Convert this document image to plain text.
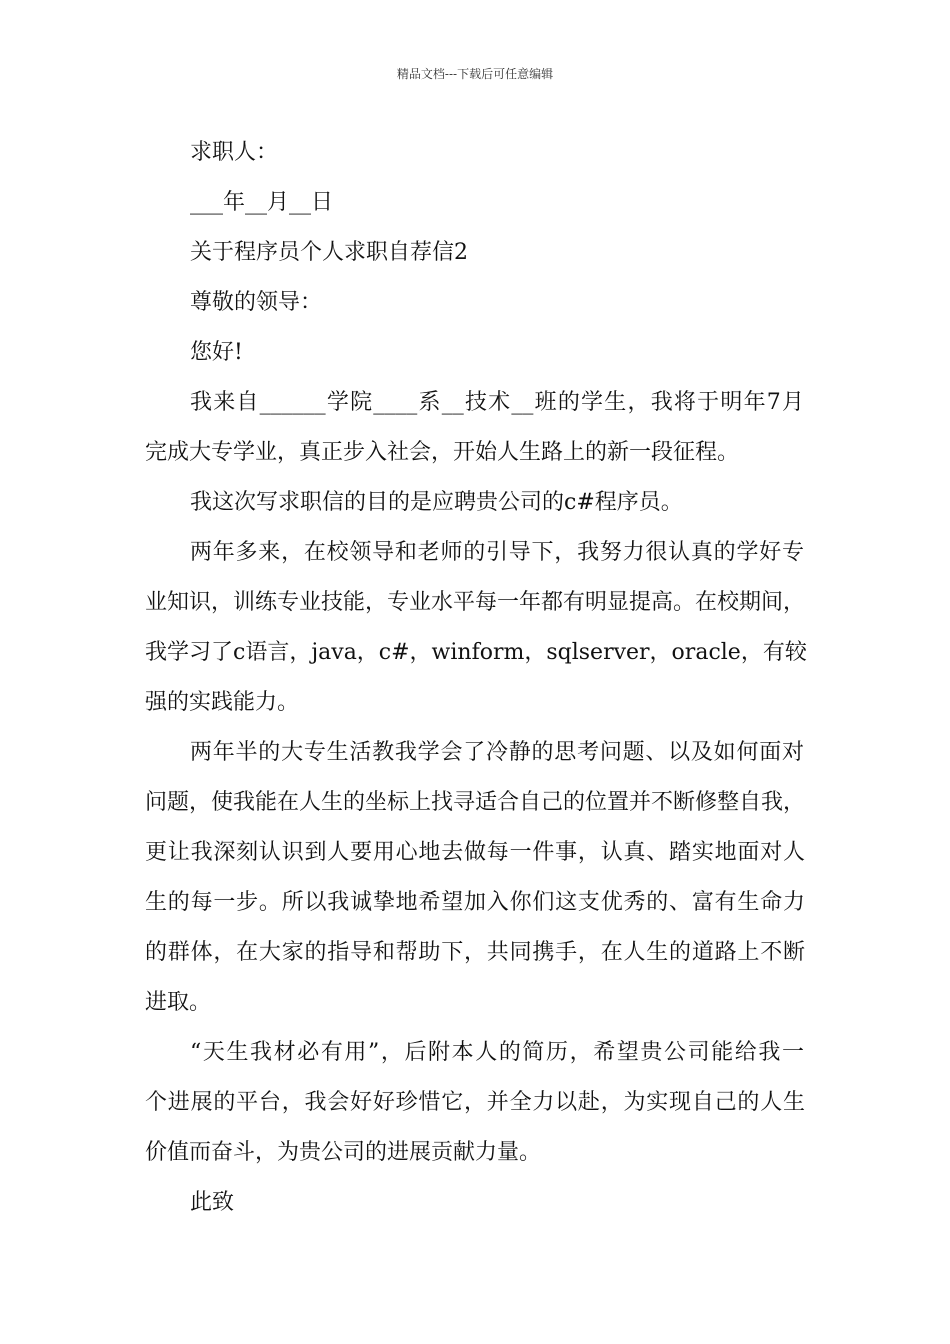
精品文档---下载后可任意编辑
求职人：
___年__月__日
关于程序员个人求职自荐信2
尊敬的领导：
您好!
我来自______学院____系__技术__班的学生，我将于明年7月
完成大专学业，真正步入社会，开始人生路上的新一段征程。
我这次写求职信的目的是应聘贵公司的c#程序员。
两年多来，在校领导和老师的引导下，我努力很认真的学好专
业知识，训练专业技能，专业水平每一年都有明显提高。在校期间，
我学习了c语言，java，c#，winform，sqlserver，oracle，有较
强的实践能力。
两年半的大专生活教我学会了冷静的思考问题、以及如何面对
问题，使我能在人生的坐标上找寻适合自己的位置并不断修整自我，
更让我深刻认识到人要用心地去做每一件事，认真、踏实地面对人
生的每一步。所以我诚挚地希望加入你们这支优秀的、富有生命力
的群体，在大家的指导和帮助下，共同携手，在人生的道路上不断
进取。
“天生我材必有用”，后附本人的简历，希望贵公司能给我一
个进展的平台，我会好好珍惜它，并全力以赴，为实现自己的人生
价值而奋斗，为贵公司的进展贡献力量。
此致
